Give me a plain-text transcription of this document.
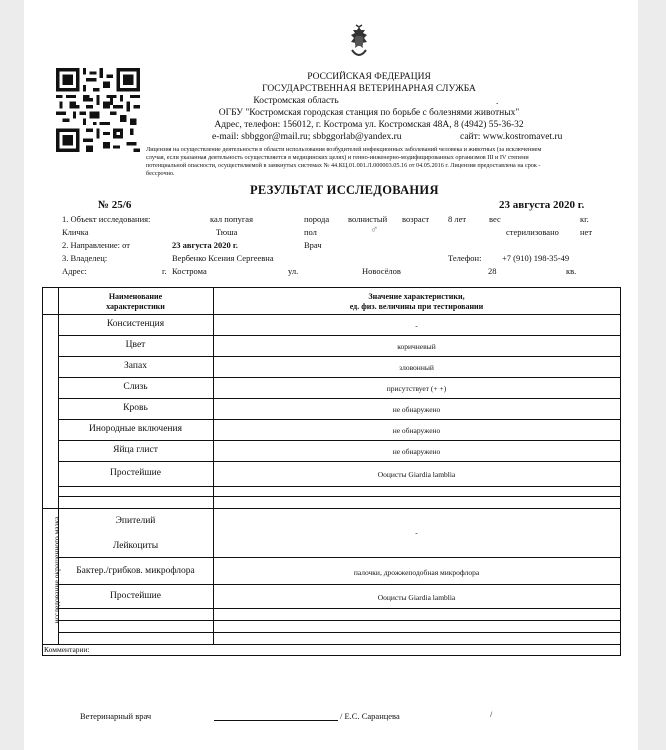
РОССИЙСКАЯ ФЕДЕРАЦИЯ
ГОСУДАРСТВЕННАЯ ВЕТЕРИНАРНАЯ СЛУЖБА
Костромская область	.
ОГБУ "Костромская городская станция по борьбе с болезнями животных"
Адрес, телефон: 156012, г. Кострома ул. Костромская 48А, 8 (4942) 55-36-32
e-mail: sbbggor@mail.ru; sbbggorlab@yandex.ru	сайт: www.kostromavet.ru
Лицензия на осуществление деятельности в области использования возбудителей инфекционных заболеваний человека и животных (за исключением
случая, если указанная деятельность осуществляется в медицинских целях) и генно-инженерно-модифицированных организмов III и IV степени
потенциальной опасности, осуществляемой в замкнутых системах № 44.КЦ.01.001.Л.000003.05.16 от 04.05.2016 г. Лицензия предоставлена на срок -
бессрочно.
РЕЗУЛЬТАТ ИССЛЕДОВАНИЯ
№ 25/6	23 августа 2020 г.
1. Объект исследования:	кал попугая	порода волнистый возраст 8 лет	вес	кг.
Кличка	Тюша	пол	♂	стерилизовано нет
2. Направление: от	23 августа 2020 г.	Врач
3. Владелец:	Вербенко Ксения Сергеевна	Телефон: +7 (910) 198-35-49
Адрес:	г. Кострома	ул.	Новосёлов	28	кв.
Наименование
характеристики
Значение характеристики,
ед. физ. величины при тестировании
Консистенция	-
Цвет	коричневый
Запах	зловонный
Слизь	присутствует (+ +)
Кровь	не обнаружено
Инородные включения	не обнаружено
Яйца глист	не обнаружено
Простейшие	Ооцисты Giardia lamblia
исследование окрашенного мазка	Эпителий
Лейкоциты
-
Бактер./грибков. микрофлора	палочки, дрожжеподобная микрофлора
Простейшие	Ооцисты Giardia lamblia
Комментарии:
Ветеринарный врач	/ Е.С. Саранцева	/
